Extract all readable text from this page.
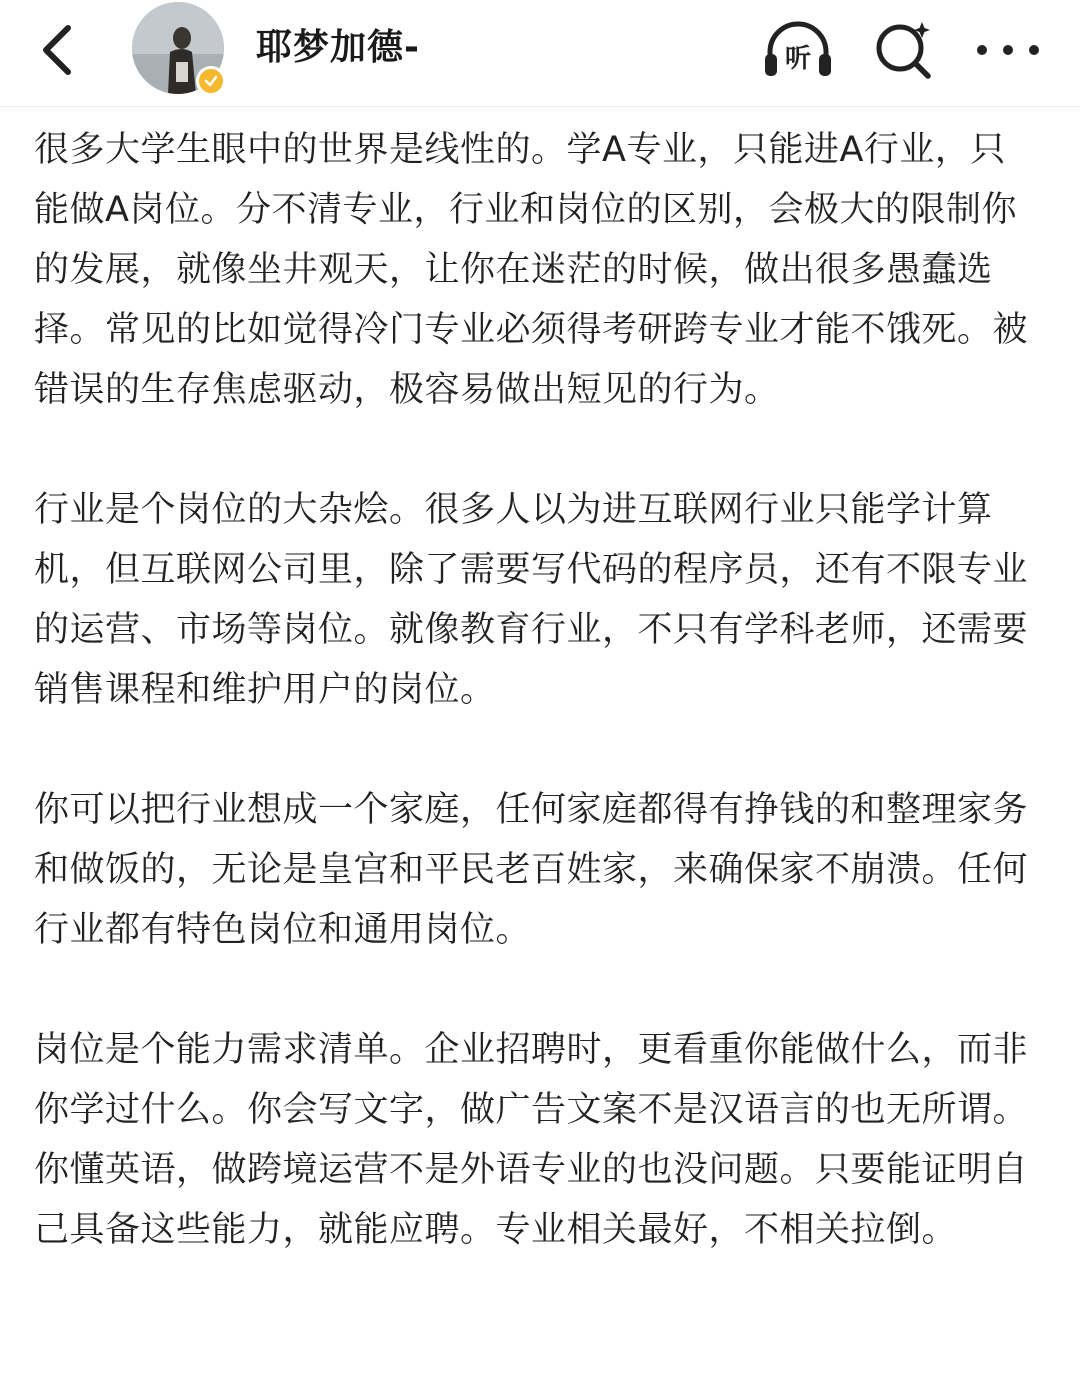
耶梦加德-	听

很多大学生眼中的世界是线性的。学A专业，只能进A行业，只能做A岗位。分不清专业，行业和岗位的区别，会极大的限制你的发展，就像坐井观天，让你在迷茫的时候，做出很多愚蠢选择。常见的比如觉得冷门专业必须得考研跨专业才能不饿死。被错误的生存焦虑驱动，极容易做出短见的行为。

行业是个岗位的大杂烩。很多人以为进互联网行业只能学计算机，但互联网公司里，除了需要写代码的程序员，还有不限专业的运营、市场等岗位。就像教育行业，不只有学科老师，还需要销售课程和维护用户的岗位。

你可以把行业想成一个家庭，任何家庭都得有挣钱的和整理家务和做饭的，无论是皇宫和平民老百姓家，来确保家不崩溃。任何行业都有特色岗位和通用岗位。

岗位是个能力需求清单。企业招聘时，更看重你能做什么，而非你学过什么。你会写文字，做广告文案不是汉语言的也无所谓。你懂英语，做跨境运营不是外语专业的也没问题。只要能证明自己具备这些能力，就能应聘。专业相关最好，不相关拉倒。
